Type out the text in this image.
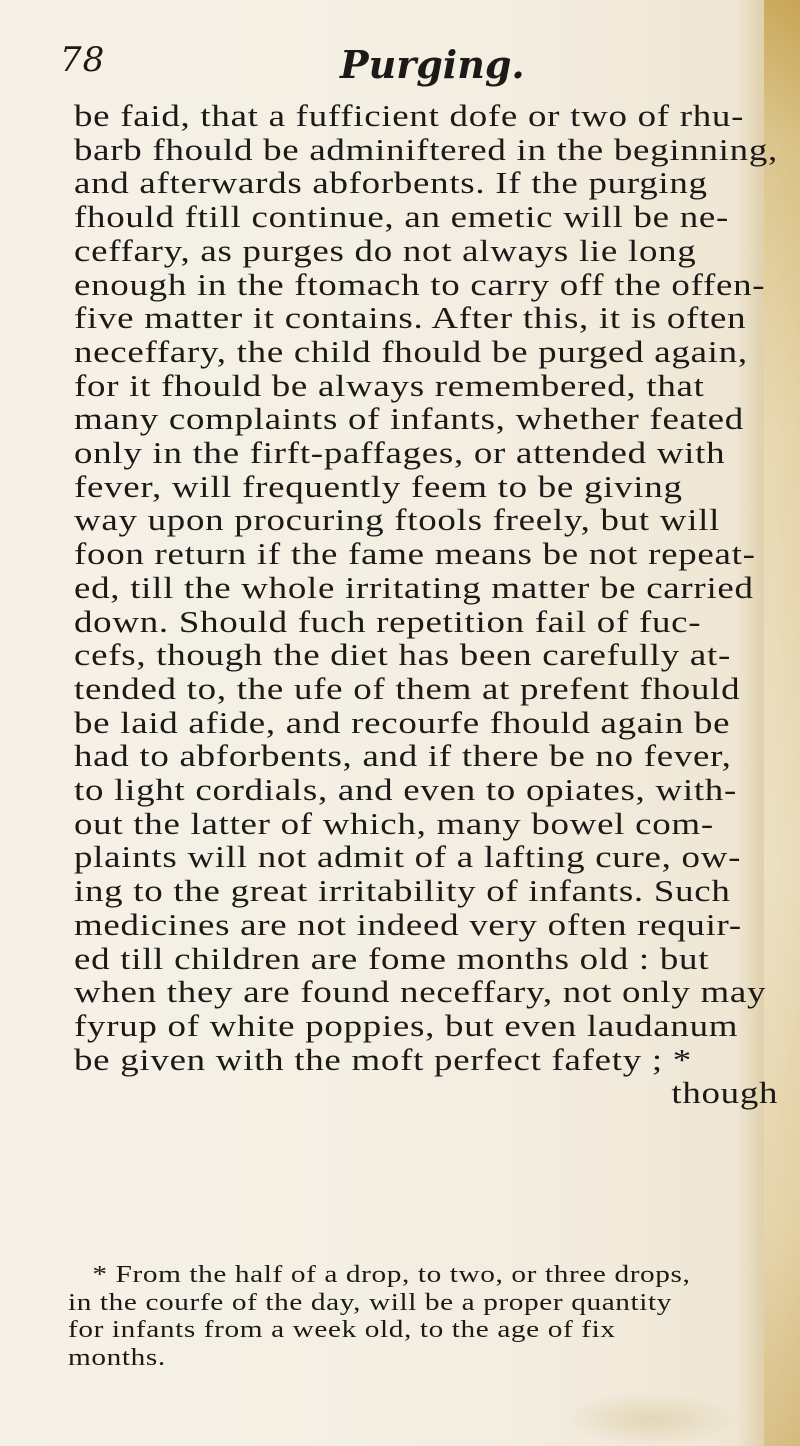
78	Purging.
be faid, that a fufficient dofe or two of rhu-
barb fhould be adminiftered in the beginning,
and afterwards abforbents. If the purging
fhould ftill continue, an emetic will be ne-
ceffary, as purges do not always lie long
enough in the ftomach to carry off the offen-
five matter it contains. After this, it is often
neceffary, the child fhould be purged again,
for it fhould be always remembered, that
many complaints of infants, whether feated
only in the firft-paffages, or attended with
fever, will frequently feem to be giving
way upon procuring ftools freely, but will
foon return if the fame means be not repeat-
ed, till the whole irritating matter be carried
down. Should fuch repetition fail of fuc-
cefs, though the diet has been carefully at-
tended to, the ufe of them at prefent fhould
be laid afide, and recourfe fhould again be
had to abforbents, and if there be no fever,
to light cordials, and even to opiates, with-
out the latter of which, many bowel com-
plaints will not admit of a lafting cure, ow-
ing to the great irritability of infants. Such
medicines are not indeed very often requir-
ed till children are fome months old : but
when they are found neceffary, not only may
fyrup of white poppies, but even laudanum
be given with the moft perfect fafety ; *
though
* From the half of a drop, to two, or three drops,
in the courfe of the day, will be a proper quantity
for infants from a week old, to the age of fix
months.
